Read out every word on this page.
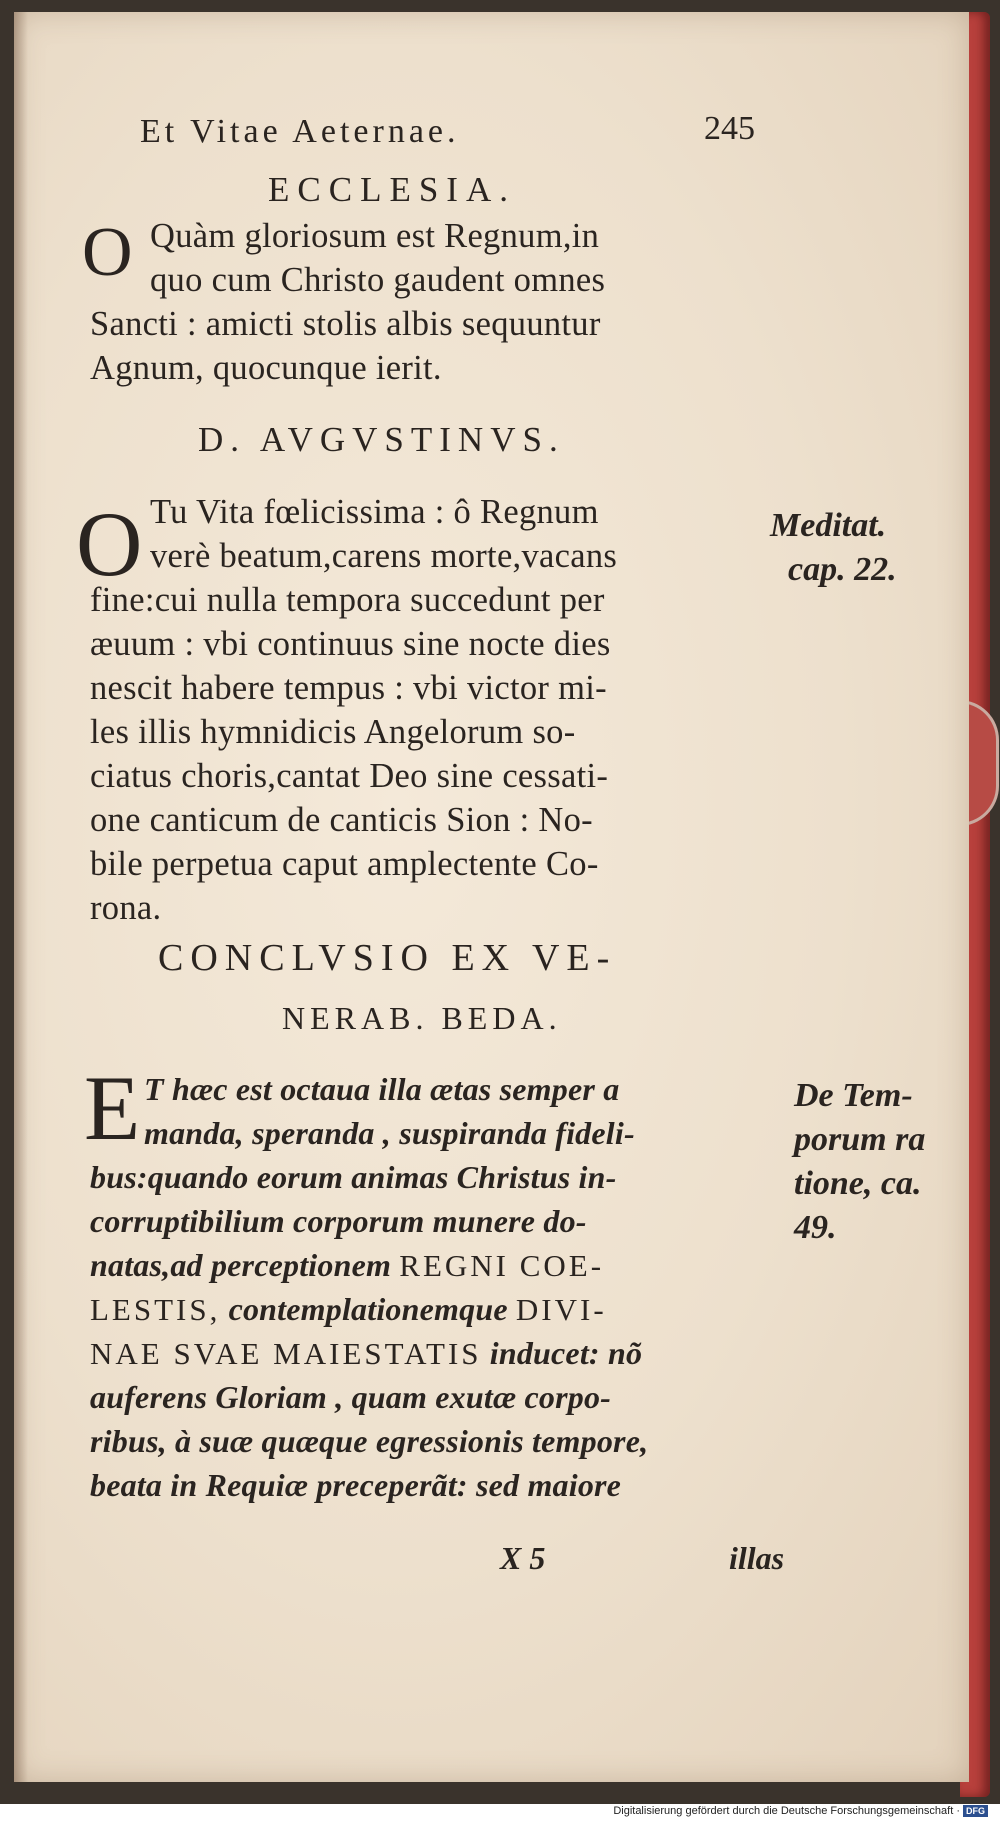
Et Vitae Aeternae.	245
ECCLESIA.
O Quàm gloriosum est Regnum,in
quo cum Christo gaudent omnes
Sancti : amicti stolis albis sequuntur
Agnum, quocunque ierit.
D. AVGVSTINVS.
O Tu Vita fœlicissima : ô Regnum
verè beatum,carens morte,vacans
fine:cui nulla tempora succedunt per
æuum : vbi continuus sine nocte dies
nescit habere tempus : vbi victor mi-
les illis hymnidicis Angelorum so-
ciatus choris,cantat Deo sine cessati-
one canticum de canticis Sion : No-
bile perpetua caput amplectente Co-
rona.
Meditat.
cap. 22.
CONCLVSIO EX VE-
NERAB. BEDA.
E T hæc est octaua illa ætas semper a
manda, speranda , suspiranda fideli-
bus:quando eorum animas Christus in-
corruptibilium corporum munere do-
natas,ad perceptionem REGNI COE-
LESTIS, contemplationemque DIVI-
NAE SVAE MAIESTATIS inducet: nõ
auferens Gloriam , quam exutæ corpo-
ribus, à suæ quæque egressionis tempore,
beata in Requiæ preceperãt: sed maiore
De Tem-
porum ra
tione, ca.
49.
X 5	illas
Digitalisierung gefördert durch die Deutsche Forschungsgemeinschaft · DFG
